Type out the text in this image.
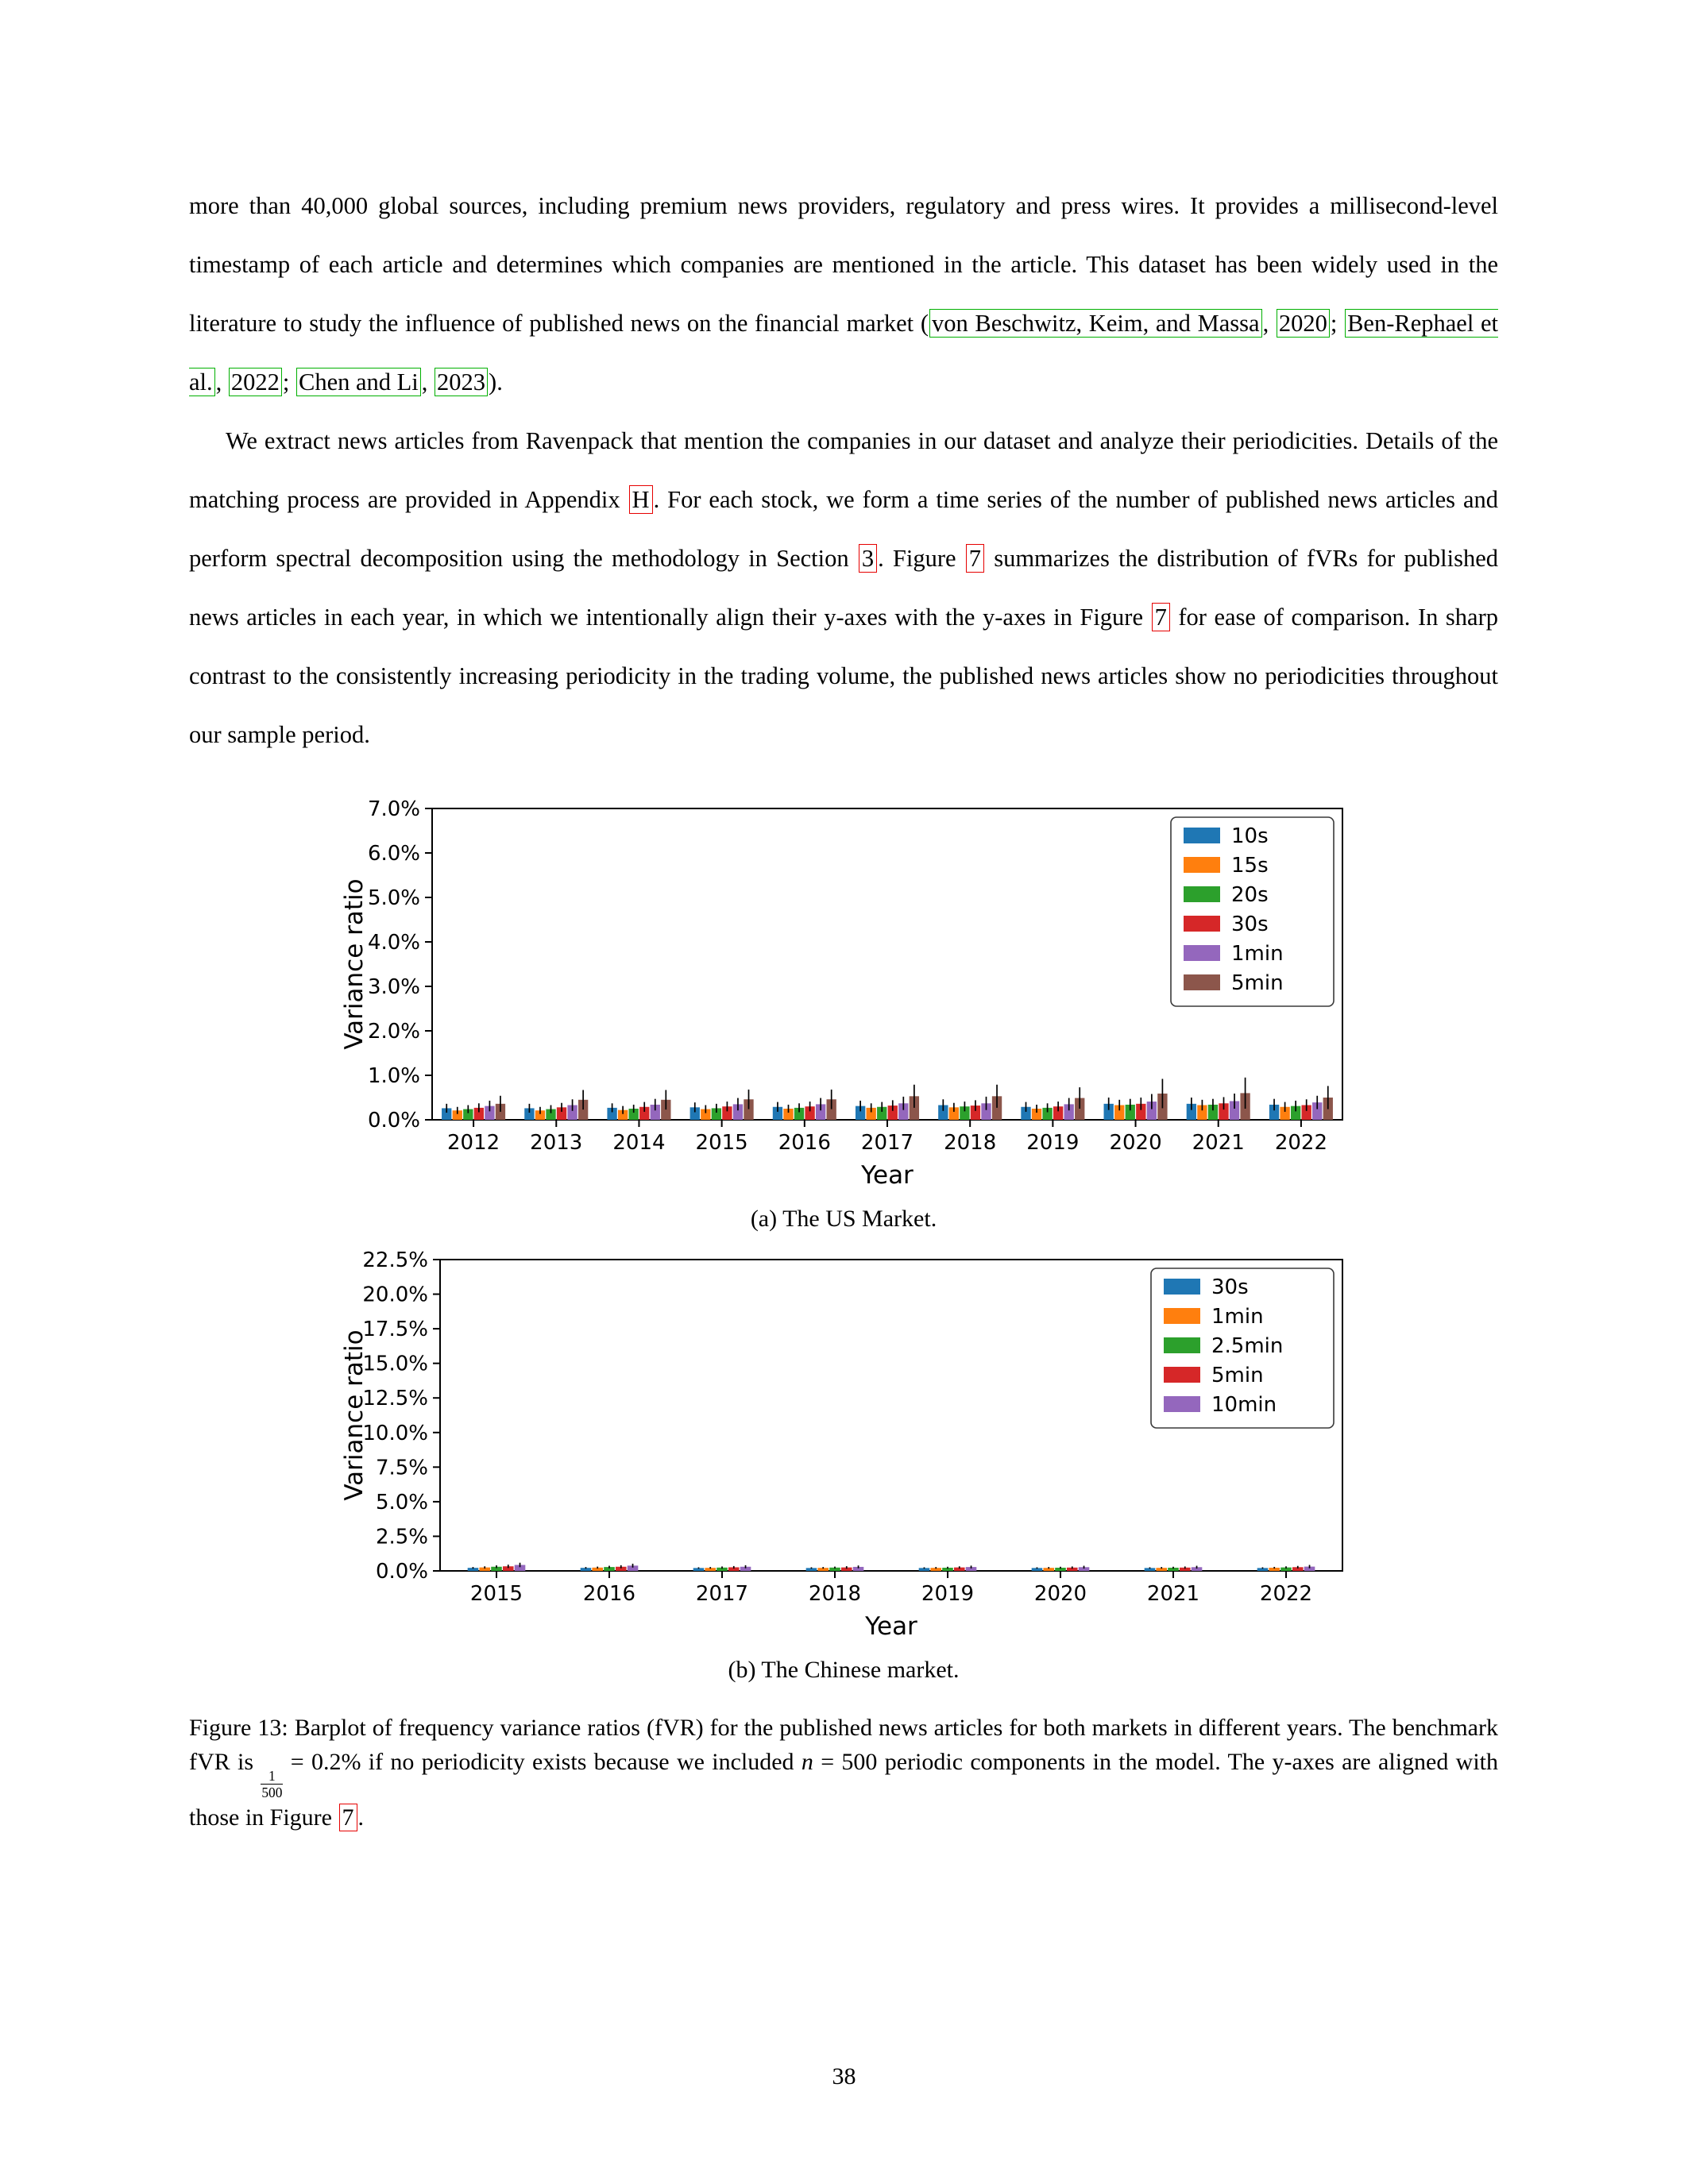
more than 40,000 global sources, including premium news providers, regulatory and press wires. It provides a millisecond-level timestamp of each article and determines which companies are mentioned in the article. This dataset has been widely used in the literature to study the influence of published news on the financial market ( von Beschwitz, Keim, and Massa , 2020 ; Ben-Rephael et al. , 2022 ; Chen and Li , 2023 ).

We extract news articles from Ravenpack that mention the companies in our dataset and analyze their periodicities. Details of the matching process are provided in Appendix H . For each stock, we form a time series of the number of published news articles and perform spectral decomposition using the methodology in Section 3 . Figure 7 summarizes the distribution of fVRs for published news articles in each year, in which we intentionally align their y-axes with the y-axes in Figure 7 for ease of comparison. In sharp contrast to the consistently increasing periodicity in the trading volume, the published news articles show no periodicities throughout our sample period.

0.0%
1.0%
2.0%
3.0%
4.0%
5.0%
6.0%
7.0%
2012 2013 2014 2015 2016 2017 2018 2019 2020 2021 2022
Year
Variance ratio
10s
15s
20s
30s
1min
5min
(a) The US Market.
0.0%
2.5%
5.0%
7.5%
10.0%
12.5%
15.0%
17.5%
20.0%
22.5%
2015	2016	2017	2018	2019	2020	2021	2022
Year
Variance ratio
30s
1min
2.5min
5min
10min
(b) The Chinese market.

Figure 13: Barplot of frequency variance ratios (fVR) for the published news articles for both markets in different years. The benchmark fVR is
$\frac{1}{500}$
= 0.2% if no periodicity exists because we included n = 500 periodic components in the model. The y-axes are aligned with those in Figure 7 .

38
